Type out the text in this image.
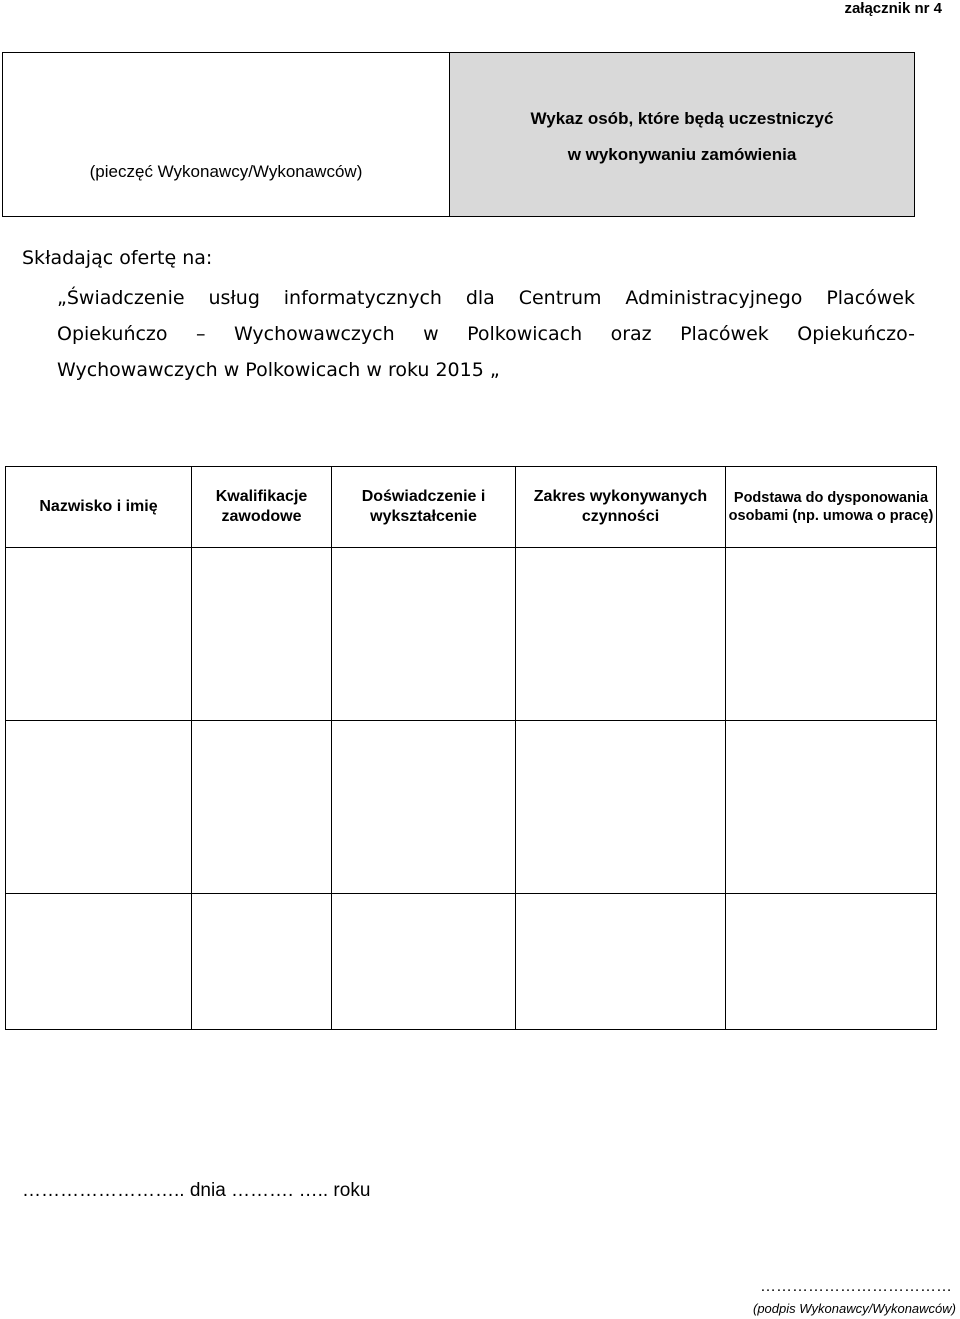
załącznik nr 4
(pieczęć Wykonawcy/Wykonawców)
Wykaz osób, które będą uczestniczyć
w wykonywaniu zamówienia
Składając ofertę na:
„Świadczenie usług informatycznych dla Centrum Administracyjnego Placówek Opiekuńczo – Wychowawczych w Polkowicach oraz Placówek Opiekuńczo-Wychowawczych w Polkowicach w roku 2015 „
Nazwisko i imię	Kwalifikacje zawodowe	Doświadczenie i wykształcenie	Zakres wykonywanych czynności	Podstawa do dysponowania osobami (np. umowa o pracę)

…………………….. dnia ………. ….. roku
………………………………
(podpis Wykonawcy/Wykonawców)
